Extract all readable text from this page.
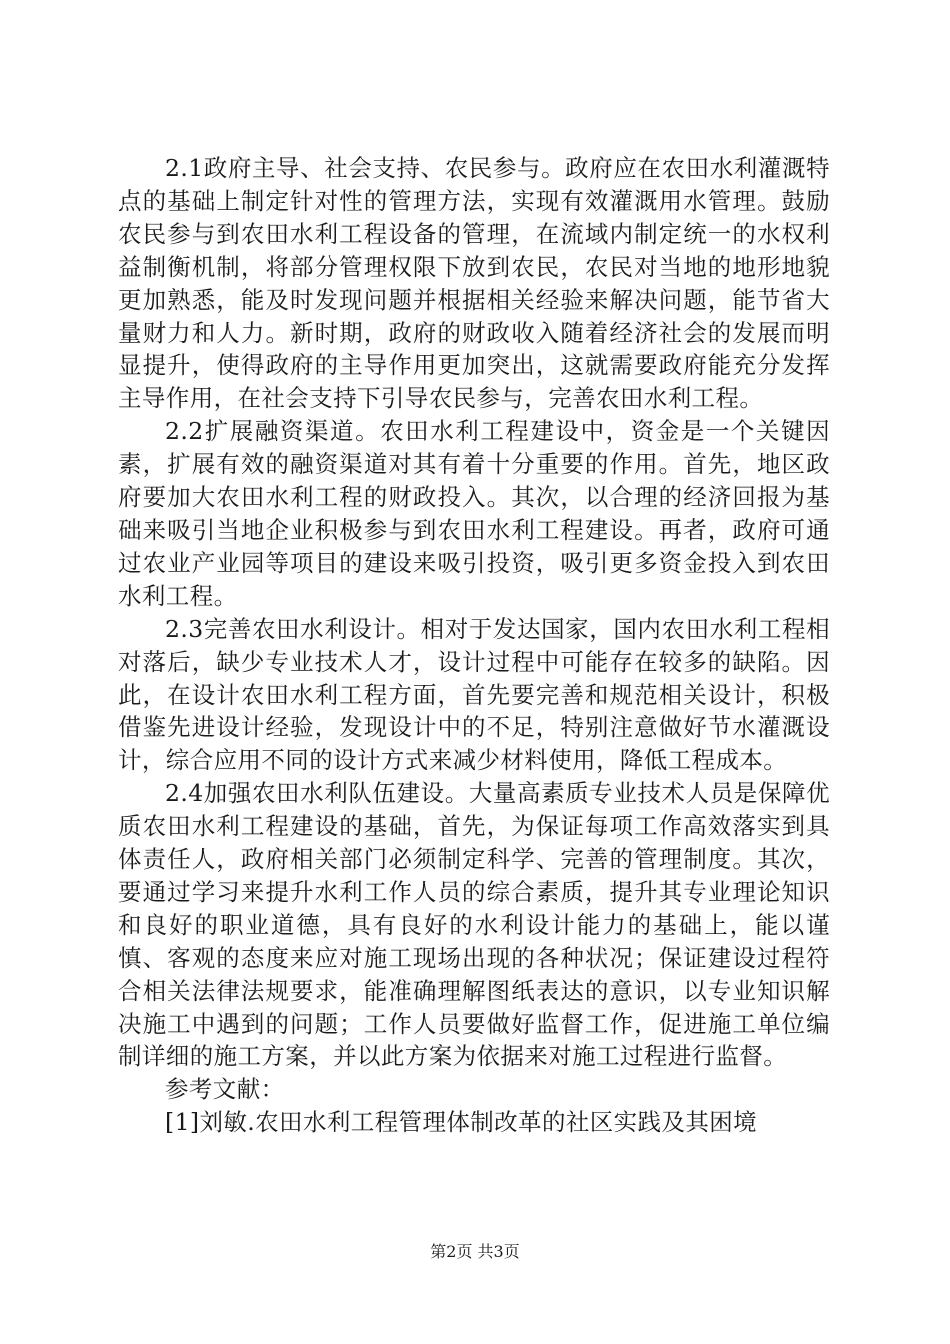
2.1政府主导、社会支持、农民参与。政府应在农田水利灌溉特点的基础上制定针对性的管理方法，实现有效灌溉用水管理。鼓励农民参与到农田水利工程设备的管理，在流域内制定统一的水权利益制衡机制，将部分管理权限下放到农民，农民对当地的地形地貌更加熟悉，能及时发现问题并根据相关经验来解决问题，能节省大量财力和人力。新时期，政府的财政收入随着经济社会的发展而明显提升，使得政府的主导作用更加突出，这就需要政府能充分发挥主导作用，在社会支持下引导农民参与，完善农田水利工程。

2.2扩展融资渠道。农田水利工程建设中，资金是一个关键因素，扩展有效的融资渠道对其有着十分重要的作用。首先，地区政府要加大农田水利工程的财政投入。其次，以合理的经济回报为基础来吸引当地企业积极参与到农田水利工程建设。再者，政府可通过农业产业园等项目的建设来吸引投资，吸引更多资金投入到农田水利工程。

2.3完善农田水利设计。相对于发达国家，国内农田水利工程相对落后，缺少专业技术人才，设计过程中可能存在较多的缺陷。因此，在设计农田水利工程方面，首先要完善和规范相关设计，积极借鉴先进设计经验，发现设计中的不足，特别注意做好节水灌溉设计，综合应用不同的设计方式来减少材料使用，降低工程成本。

2.4加强农田水利队伍建设。大量高素质专业技术人员是保障优质农田水利工程建设的基础，首先，为保证每项工作高效落实到具体责任人，政府相关部门必须制定科学、完善的管理制度。其次，要通过学习来提升水利工作人员的综合素质，提升其专业理论知识和良好的职业道德，具有良好的水利设计能力的基础上，能以谨慎、客观的态度来应对施工现场出现的各种状况；保证建设过程符合相关法律法规要求，能准确理解图纸表达的意识，以专业知识解决施工中遇到的问题；工作人员要做好监督工作，促进施工单位编制详细的施工方案，并以此方案为依据来对施工过程进行监督。

参考文献：

[1]刘敏.农田水利工程管理体制改革的社区实践及其困境

第2页 共3页
